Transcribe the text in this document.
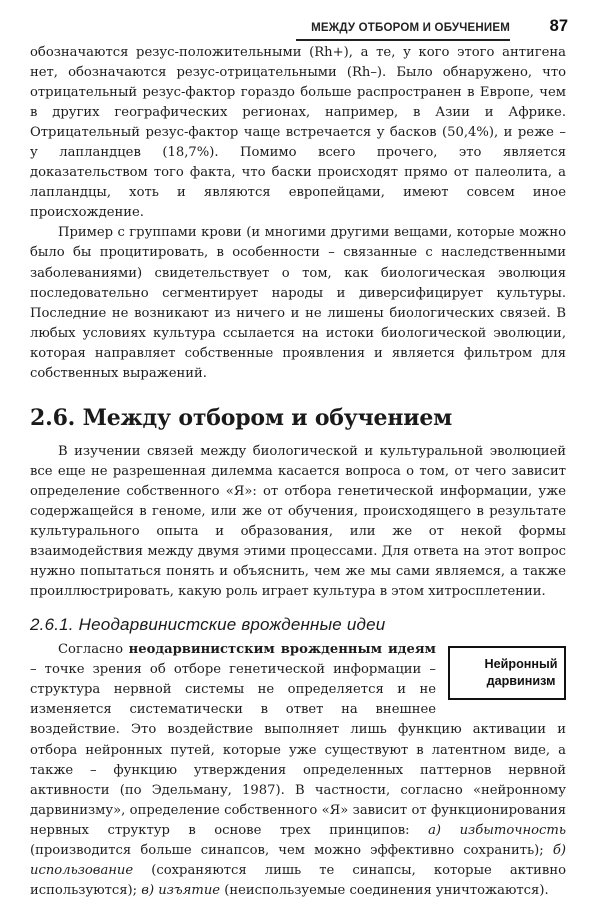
МЕЖДУ ОТБОРОМ И ОБУЧЕНИЕМ 87

обозначаются резус-положительными (Rh+), а те, у кого этого антигена нет, обозначаются резус-отрицательными (Rh–). Было обнаружено, что отрицательный резус-фактор гораздо больше распространен в Европе, чем в других географических регионах, например, в Азии и Африке. Отрицательный резус-фактор чаще встречается у басков (50,4%), и реже – у лапландцев (18,7%). Помимо всего прочего, это является доказательством того факта, что баски происходят прямо от палеолита, а лапландцы, хоть и являются европейцами, имеют совсем иное происхождение.

Пример с группами крови (и многими другими вещами, которые можно было бы процитировать, в особенности – связанные с наследственными заболеваниями) свидетельствует о том, как биологическая эволюция последовательно сегментирует народы и диверсифицирует культуры. Последние не возникают из ничего и не лишены биологических связей. В любых условиях культура ссылается на истоки биологической эволюции, которая направляет собственные проявления и является фильтром для собственных выражений.

2.6. Между отбором и обучением

В изучении связей между биологической и культуральной эволюцией все еще не разрешенная дилемма касается вопроса о том, от чего зависит определение собственного «Я»: от отбора генетической информации, уже содержащейся в геноме, или же от обучения, происходящего в результате культурального опыта и образования, или же от некой формы взаимодействия между двумя этими процессами. Для ответа на этот вопрос нужно попытаться понять и объяснить, чем же мы сами являемся, а также проиллюстрировать, какую роль играет культура в этом хитросплетении.

2.6.1. Неодарвинистские врожденные идеи

Нейронный
дарвинизм
Согласно неодарвинистским врожденным идеям – точке зрения об отборе генетической информации – структура нервной системы не определяется и не изменяется систематически в ответ на внешнее воздействие. Это воздействие выполняет лишь функцию активации и отбора нейронных путей, которые уже существуют в латентном виде, а также – функцию утверждения определенных паттернов нервной активности (по Эдельману, 1987). В частности, согласно «нейронному дарвинизму», определение собственного «Я» зависит от функционирования нервных структур в основе трех принципов: а) избыточность (производится больше синапсов, чем можно эффективно сохранить); б) использование (сохраняются лишь те синапсы, которые активно используются); в) изъятие (неиспользуемые соединения уничтожаются).
